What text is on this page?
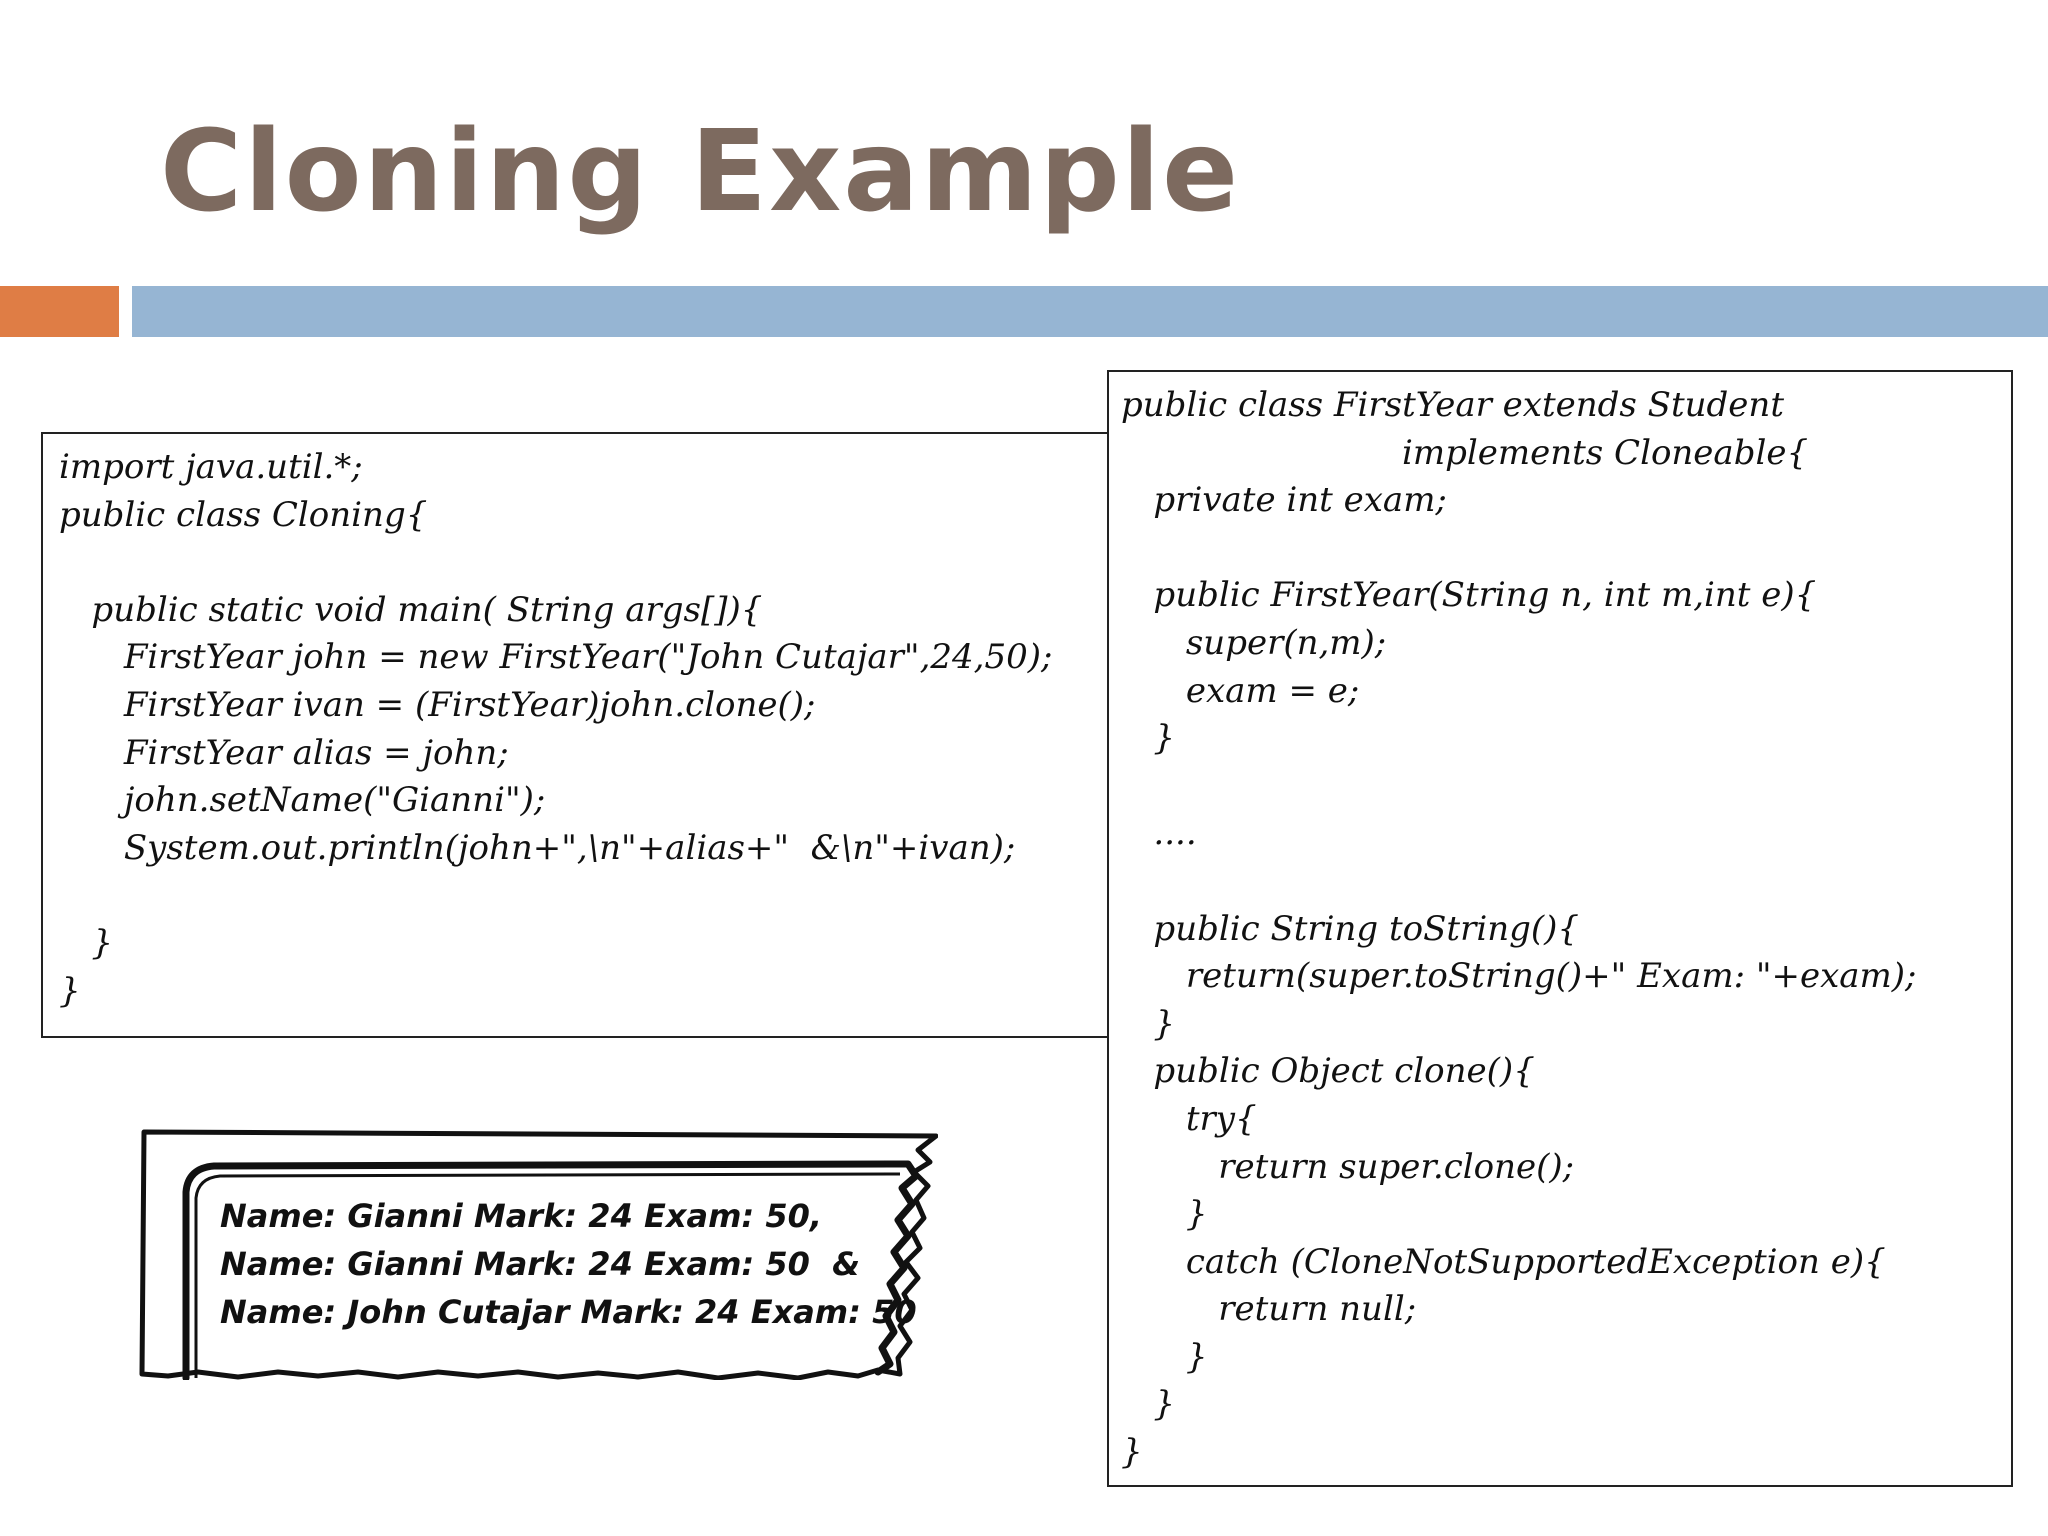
Cloning Example
import java.util.*;
public class Cloning{
public static void main( String args[]){
FirstYear john = new FirstYear("John Cutajar",24,50);
FirstYear ivan = (FirstYear)john.clone();
FirstYear alias = john;
john.setName("Gianni");
System.out.println(john+",\n"+alias+"  &\n"+ivan);
}
}
public class FirstYear extends Student
implements Cloneable{
private int exam;
public FirstYear(String n, int m,int e){
super(n,m);
exam = e;
}
....
public String toString(){
return(super.toString()+" Exam: "+exam);
}
public Object clone(){
try{
return super.clone();
}
catch (CloneNotSupportedException e){
return null;
}
}
}
Name: Gianni Mark: 24 Exam: 50,
Name: Gianni Mark: 24 Exam: 50  &
Name: John Cutajar Mark: 24 Exam: 50
